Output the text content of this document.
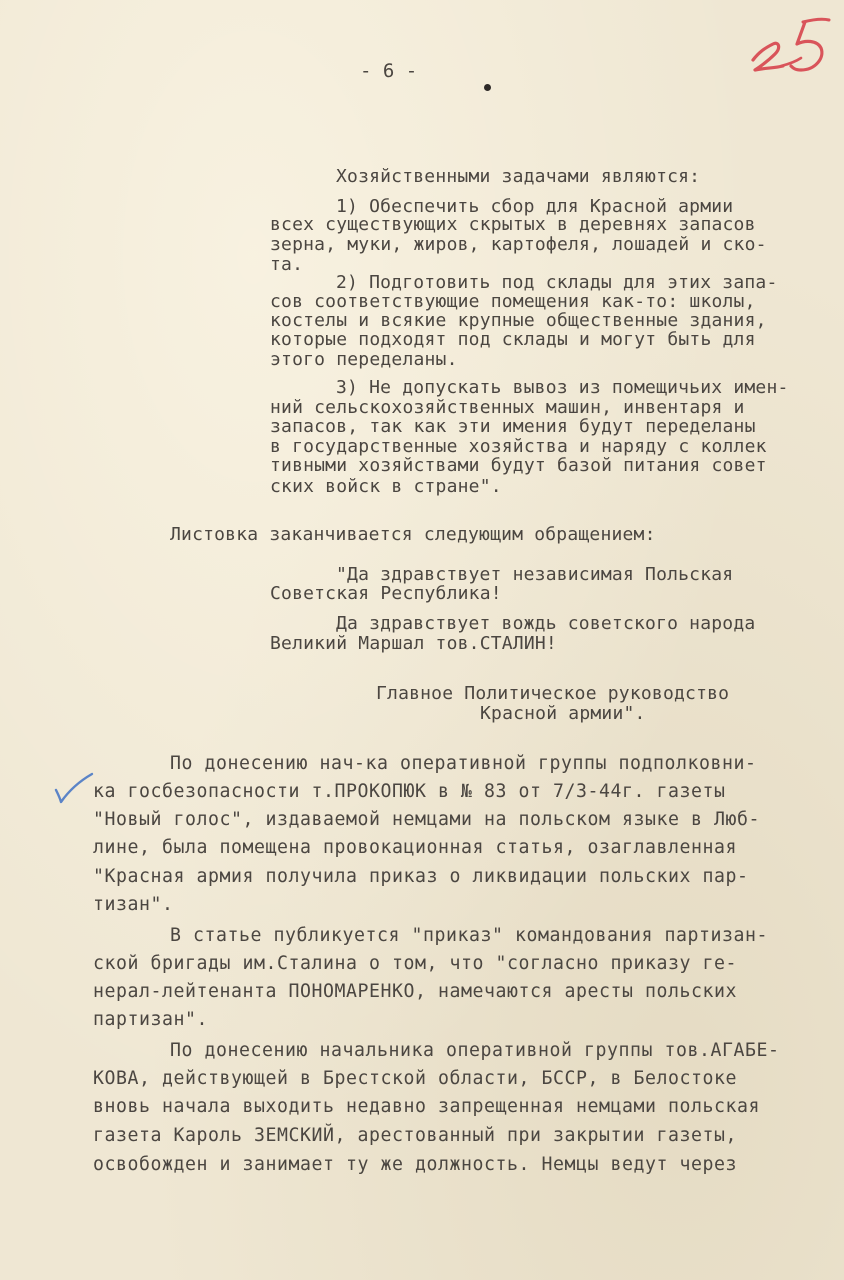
- 6 -
Хозяйственными задачами являются:
1) Обеспечить сбор для Красной армии
всех существующих скрытых в деревнях запасов
зерна, муки, жиров, картофеля, лошадей и ско-
та.
2) Подготовить под склады для этих запа-
сов соответствующие помещения как-то: школы,
костелы и всякие крупные общественные здания,
которые подходят под склады и могут быть для
этого переделаны.
3) Не допускать вывоз из помещичьих имен-
ний сельскохозяйственных машин, инвентаря и
запасов, так как эти имения будут переделаны
в государственные хозяйства и наряду с коллек
тивными хозяйствами будут базой питания совет
ских войск в стране".
Листовка заканчивается следующим обращением:
"Да здравствует независимая Польская
Советская Республика!
Да здравствует вождь советского народа
Великий Маршал тов.СТАЛИН!
Главное Политическое руководство
Красной армии".
По донесению нач-ка оперативной группы подполковни-
ка госбезопасности т.ПРОКОПЮК в № 83 от 7/3-44г. газеты
"Новый голос", издаваемой немцами на польском языке в Люб-
лине, была помещена провокационная статья, озаглавленная
"Красная армия получила приказ о ликвидации польских пар-
тизан".
В статье публикуется "приказ" командования партизан-
ской бригады им.Сталина о том, что "согласно приказу ге-
нерал-лейтенанта ПОНОМАРЕНКО, намечаются аресты польских
партизан".
По донесению начальника оперативной группы тов.АГАБЕ-
КОВА, действующей в Брестской области, БССР, в Белостоке
вновь начала выходить недавно запрещенная немцами польская
газета Кароль ЗЕМСКИЙ, арестованный при закрытии газеты,
освобожден и занимает ту же должность. Немцы ведут через
